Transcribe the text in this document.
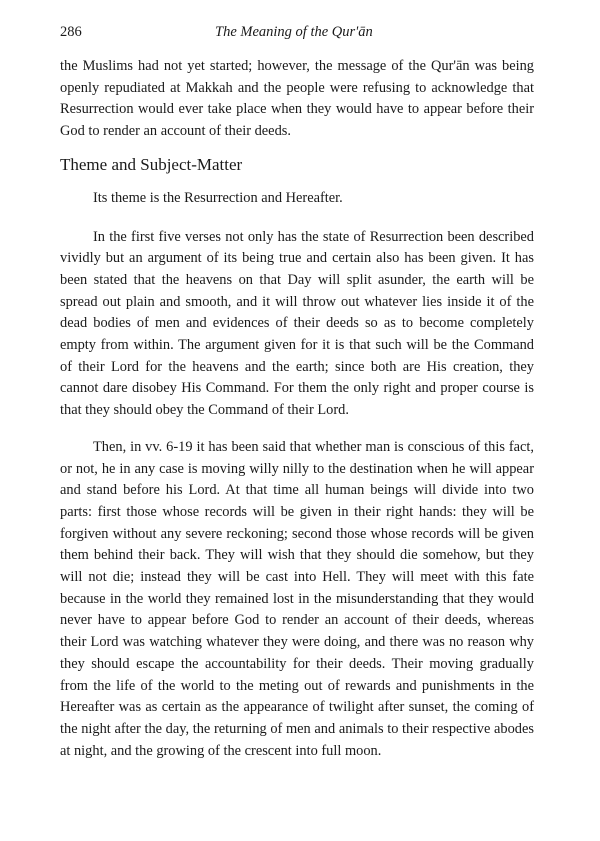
286	The Meaning of the Qur'ān

the Muslims had not yet started; however, the message of the Qur'ān was being openly repudiated at Makkah and the people were refusing to acknowledge that Resurrection would ever take place when they would have to appear before their God to render an account of their deeds.

Theme and Subject-Matter

Its theme is the Resurrection and Hereafter.

In the first five verses not only has the state of Resurrection been described vividly but an argument of its being true and certain also has been given. It has been stated that the heavens on that Day will split asunder, the earth will be spread out plain and smooth, and it will throw out whatever lies inside it of the dead bodies of men and evidences of their deeds so as to become completely empty from within. The argument given for it is that such will be the Command of their Lord for the heavens and the earth; since both are His creation, they cannot dare disobey His Command. For them the only right and proper course is that they should obey the Command of their Lord.

Then, in vv. 6-19 it has been said that whether man is conscious of this fact, or not, he in any case is moving willy nilly to the destination when he will appear and stand before his Lord. At that time all human beings will divide into two parts: first those whose records will be given in their right hands: they will be forgiven without any severe reckoning; second those whose records will be given them behind their back. They will wish that they should die somehow, but they will not die; instead they will be cast into Hell. They will meet with this fate because in the world they remained lost in the misunderstanding that they would never have to appear before God to render an account of their deeds, whereas their Lord was watching whatever they were doing, and there was no reason why they should escape the accountability for their deeds. Their moving gradually from the life of the world to the meting out of rewards and punishments in the Hereafter was as certain as the appearance of twilight after sunset, the coming of the night after the day, the returning of men and animals to their respective abodes at night, and the growing of the crescent into full moon.
